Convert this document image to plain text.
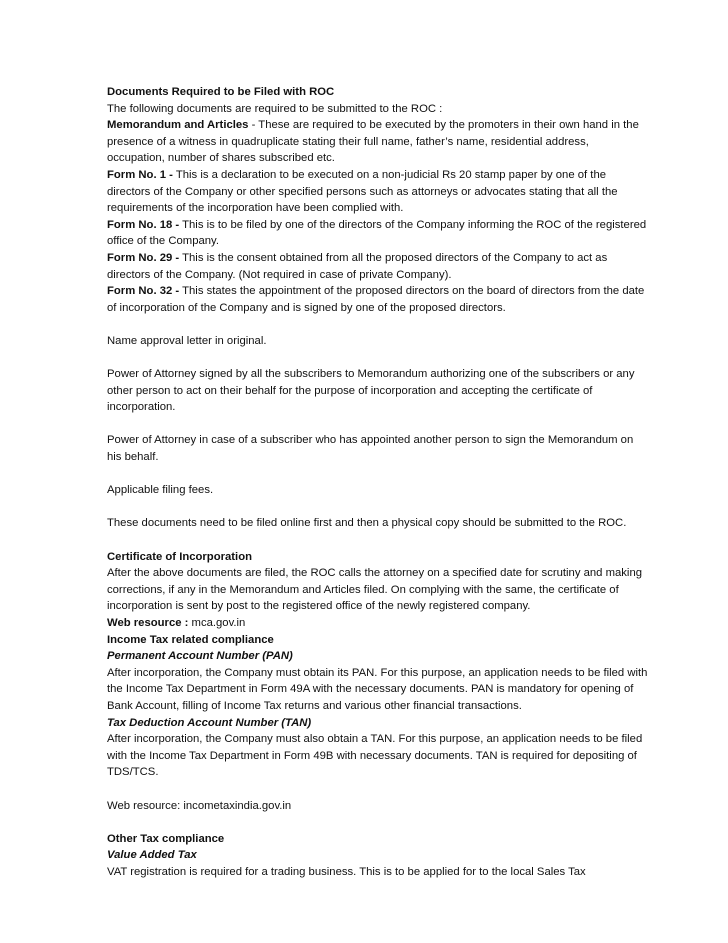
Documents Required to be Filed with ROC
The following documents are required to be submitted to the ROC :
Memorandum and Articles - These are required to be executed by the promoters in their own hand in the
presence of a witness in quadruplicate stating their full name, father’s name, residential address,
occupation, number of shares subscribed etc.
Form No. 1 - This is a declaration to be executed on a non-judicial Rs 20 stamp paper by one of the
directors of the Company or other specified persons such as attorneys or advocates stating that all the
requirements of the incorporation have been complied with.
Form No. 18 - This is to be filed by one of the directors of the Company informing the ROC of the registered
office of the Company.
Form No. 29 - This is the consent obtained from all the proposed directors of the Company to act as
directors of the Company. (Not required in case of private Company).
Form No. 32 - This states the appointment of the proposed directors on the board of directors from the date
of incorporation of the Company and is signed by one of the proposed directors.
Name approval letter in original.
Power of Attorney signed by all the subscribers to Memorandum authorizing one of the subscribers or any
other person to act on their behalf for the purpose of incorporation and accepting the certificate of
incorporation.
Power of Attorney in case of a subscriber who has appointed another person to sign the Memorandum on
his behalf.
Applicable filing fees.
These documents need to be filed online first and then a physical copy should be submitted to the ROC.
Certificate of Incorporation
After the above documents are filed, the ROC calls the attorney on a specified date for scrutiny and making
corrections, if any in the Memorandum and Articles filed. On complying with the same, the certificate of
incorporation is sent by post to the registered office of the newly registered company.
Web resource : mca.gov.in
Income Tax related compliance
Permanent Account Number (PAN)
After incorporation, the Company must obtain its PAN. For this purpose, an application needs to be filed with
the Income Tax Department in Form 49A with the necessary documents. PAN is mandatory for opening of
Bank Account, filling of Income Tax returns and various other financial transactions.
Tax Deduction Account Number (TAN)
After incorporation, the Company must also obtain a TAN. For this purpose, an application needs to be filed
with the Income Tax Department in Form 49B with necessary documents. TAN is required for depositing of
TDS/TCS.
Web resource: incometaxindia.gov.in
Other Tax compliance
Value Added Tax
VAT registration is required for a trading business. This is to be applied for to the local Sales Tax
